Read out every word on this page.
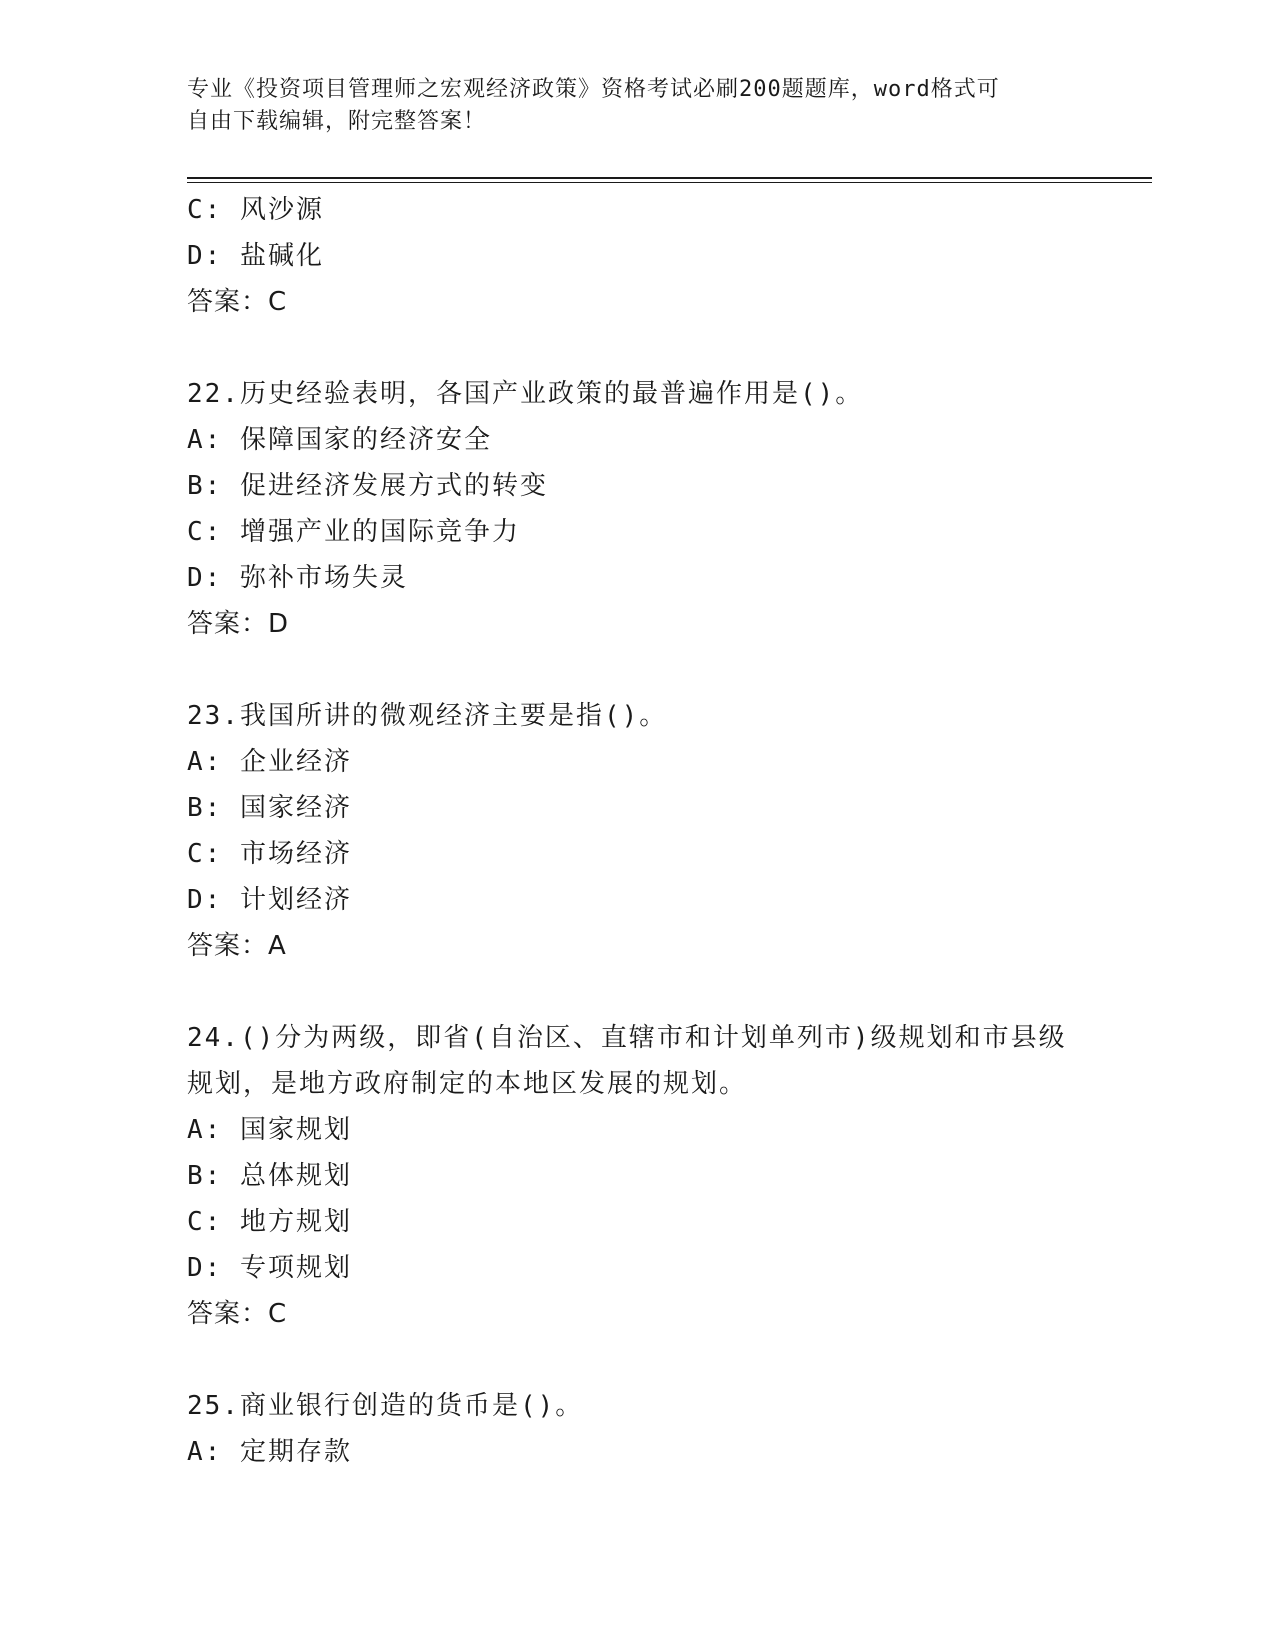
专业《投资项目管理师之宏观经济政策》资格考试必刷200题题库，word格式可
自由下载编辑，附完整答案！
C: 风沙源
D: 盐碱化
答案：C
22.历史经验表明，各国产业政策的最普遍作用是()。
A: 保障国家的经济安全
B: 促进经济发展方式的转变
C: 增强产业的国际竞争力
D: 弥补市场失灵
答案：D
23.我国所讲的微观经济主要是指()。
A: 企业经济
B: 国家经济
C: 市场经济
D: 计划经济
答案：A
24.()分为两级，即省(自治区、直辖市和计划单列市)级规划和市县级
规划，是地方政府制定的本地区发展的规划。
A: 国家规划
B: 总体规划
C: 地方规划
D: 专项规划
答案：C
25.商业银行创造的货币是()。
A: 定期存款
